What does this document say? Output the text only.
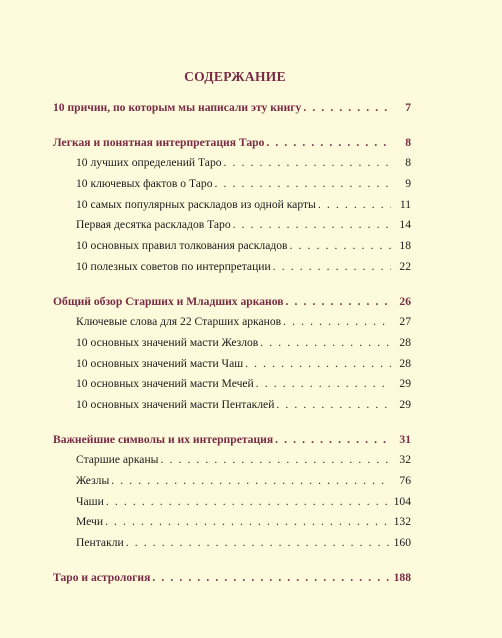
СОДЕРЖАНИЕ
10 причин, по которым мы написали эту книгу . . .	7
Легкая и понятная интерпретация Таро . . .	8
10 лучших определений Таро . . .	8
10 ключевых фактов о Таро . . .	9
10 самых популярных раскладов из одной карты . . .	11
Первая десятка раскладов Таро . . .	14
10 основных правил толкования раскладов . . .	18
10 полезных советов по интерпретации . . .	22
Общий обзор Старших и Младших арканов . . .	26
Ключевые слова для 22 Старших арканов . . .	27
10 основных значений масти Жезлов . . .	28
10 основных значений масти Чаш . . .	28
10 основных значений масти Мечей . . .	29
10 основных значений масти Пентаклей . . .	29
Важнейшие символы и их интерпретация . . .	31
Старшие арканы . . .	32
Жезлы . . .	76
Чаши . . .	104
Мечи . . .	132
Пентакли . . .	160
Таро и астрология . . .	188
